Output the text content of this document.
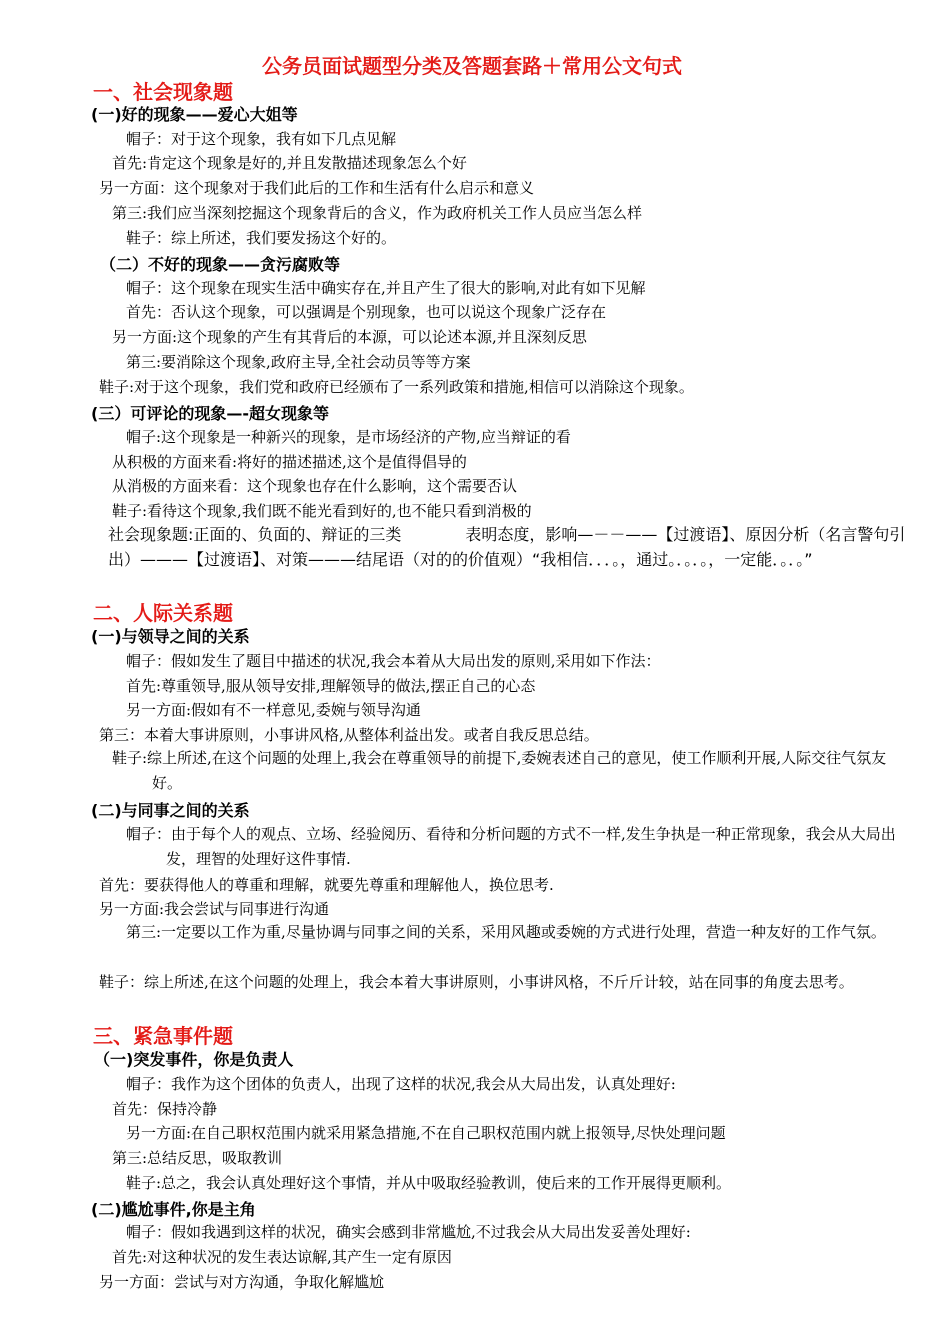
公务员面试题型分类及答题套路＋常用公文句式
一、社会现象题
(一)好的现象——爱心大姐等
帽子：对于这个现象，我有如下几点见解
首先:肯定这个现象是好的,并且发散描述现象怎么个好
另一方面：这个现象对于我们此后的工作和生活有什么启示和意义
第三:我们应当深刻挖掘这个现象背后的含义，作为政府机关工作人员应当怎么样
鞋子：综上所述，我们要发扬这个好的。
（二）不好的现象——贪污腐败等
帽子：这个现象在现实生活中确实存在,并且产生了很大的影响,对此有如下见解
首先：否认这个现象，可以强调是个别现象，也可以说这个现象广泛存在
另一方面:这个现象的产生有其背后的本源，可以论述本源,并且深刻反思
第三:要消除这个现象,政府主导,全社会动员等等方案
鞋子:对于这个现象，我们党和政府已经颁布了一系列政策和措施,相信可以消除这个现象。
(三）可评论的现象—-超女现象等
帽子:这个现象是一种新兴的现象，是市场经济的产物,应当辩证的看
从积极的方面来看:将好的描述描述,这个是值得倡导的
从消极的方面来看：这个现象也存在什么影响，这个需要否认
鞋子:看待这个现象,我们既不能光看到好的,也不能只看到消极的
社会现象题:正面的、负面的、辩证的三类　　　　表明态度，影响—－－——【过渡语】、原因分析（名言警句引出）———【过渡语】、对策———结尾语（对的的价值观）“我相信．．．。，通过。．。．。，一定能．。．。”
二、人际关系题
(一)与领导之间的关系
帽子：假如发生了题目中描述的状况,我会本着从大局出发的原则,采用如下作法：
首先:尊重领导,服从领导安排,理解领导的做法,摆正自己的心态
另一方面:假如有不一样意见,委婉与领导沟通
第三：本着大事讲原则，小事讲风格,从整体利益出发。或者自我反思总结。
鞋子:综上所述,在这个问题的处理上,我会在尊重领导的前提下,委婉表述自己的意见，使工作顺利开展,人际交往气氛友好。
(二)与同事之间的关系
帽子：由于每个人的观点、立场、经验阅历、看待和分析问题的方式不一样,发生争执是一种正常现象，我会从大局出发，理智的处理好这件事情.
首先：要获得他人的尊重和理解，就要先尊重和理解他人，换位思考.
另一方面:我会尝试与同事进行沟通
第三:一定要以工作为重,尽量协调与同事之间的关系，采用风趣或委婉的方式进行处理，营造一种友好的工作气氛。
鞋子：综上所述,在这个问题的处理上，我会本着大事讲原则，小事讲风格，不斤斤计较，站在同事的角度去思考。
三、紧急事件题
（一)突发事件，你是负责人
帽子：我作为这个团体的负责人，出现了这样的状况,我会从大局出发，认真处理好:
首先：保持冷静
另一方面:在自己职权范围内就采用紧急措施,不在自己职权范围内就上报领导,尽快处理问题
第三:总结反思，吸取教训
鞋子:总之，我会认真处理好这个事情，并从中吸取经验教训，使后来的工作开展得更顺利。
(二)尴尬事件,你是主角
帽子：假如我遇到这样的状况，确实会感到非常尴尬,不过我会从大局出发妥善处理好:
首先:对这种状况的发生表达谅解,其产生一定有原因
另一方面：尝试与对方沟通，争取化解尴尬
